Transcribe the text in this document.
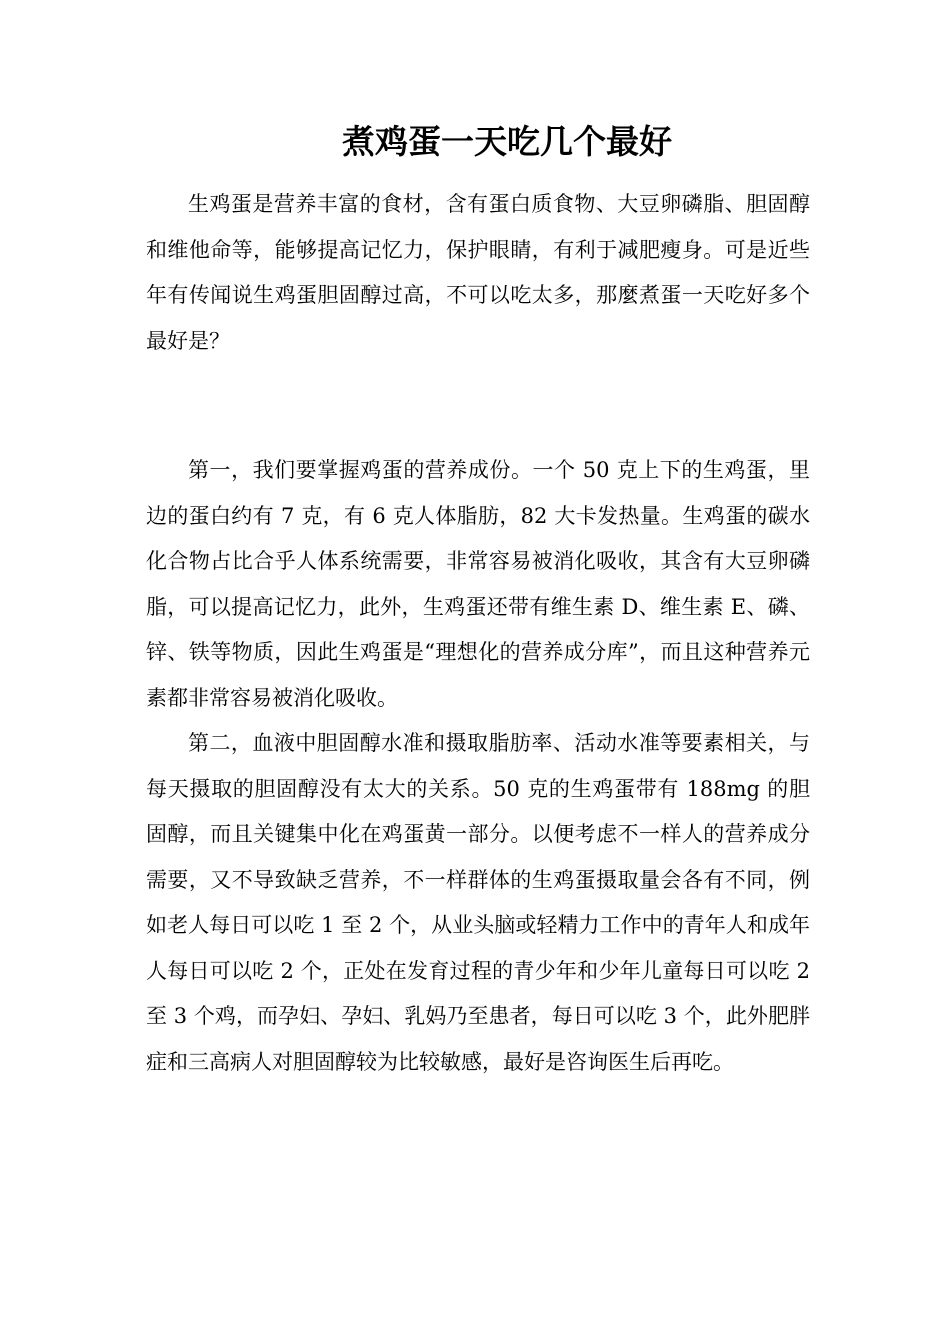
煮鸡蛋一天吃几个最好

生鸡蛋是营养丰富的食材，含有蛋白质食物、大豆卵磷脂、胆固醇和维他命等，能够提高记忆力，保护眼睛，有利于减肥瘦身。可是近些年有传闻说生鸡蛋胆固醇过高，不可以吃太多，那麼煮蛋一天吃好多个最好是？

第一，我们要掌握鸡蛋的营养成份。一个 50 克上下的生鸡蛋，里边的蛋白约有 7 克，有 6 克人体脂肪，82 大卡发热量。生鸡蛋的碳水化合物占比合乎人体系统需要，非常容易被消化吸收，其含有大豆卵磷脂，可以提高记忆力，此外，生鸡蛋还带有维生素 D、维生素 E、磷、锌、铁等物质，因此生鸡蛋是“理想化的营养成分库”，而且这种营养元素都非常容易被消化吸收。

第二，血液中胆固醇水准和摄取脂肪率、活动水准等要素相关，与每天摄取的胆固醇没有太大的关系。50 克的生鸡蛋带有 188mg 的胆固醇，而且关键集中化在鸡蛋黄一部分。以便考虑不一样人的营养成分需要，又不导致缺乏营养，不一样群体的生鸡蛋摄取量会各有不同，例如老人每日可以吃 1 至 2 个，从业头脑或轻精力工作中的青年人和成年人每日可以吃 2 个，正处在发育过程的青少年和少年儿童每日可以吃 2 至 3 个鸡，而孕妇、孕妇、乳妈乃至患者，每日可以吃 3 个，此外肥胖症和三高病人对胆固醇较为比较敏感，最好是咨询医生后再吃。
